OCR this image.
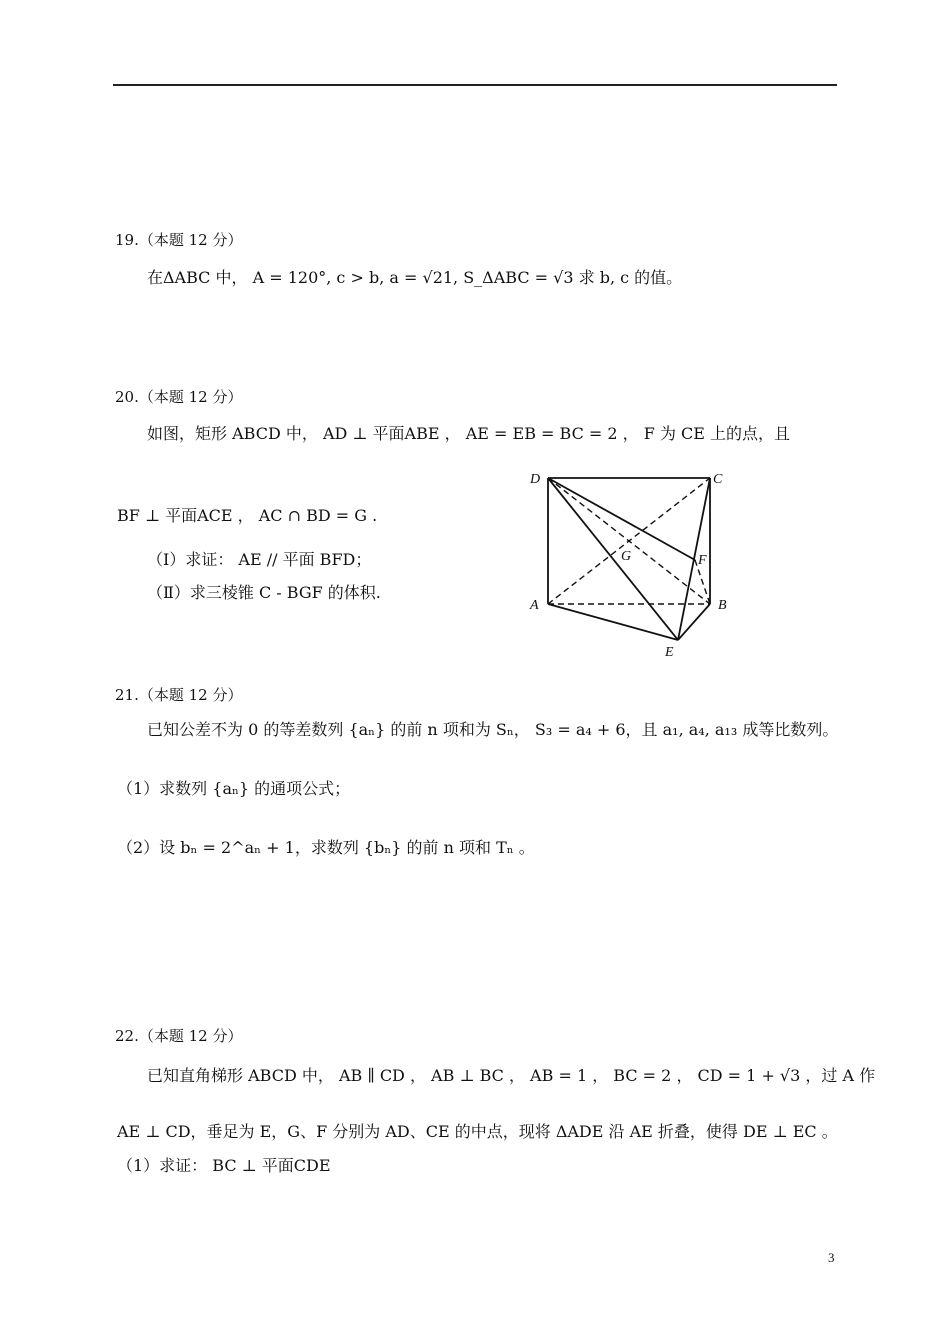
19.（本题 12 分）
在ΔABC 中， A = 120°, c > b, a = √21, S_ΔABC = √3 求 b, c 的值。
20.（本题 12 分）
如图，矩形 ABCD 中， AD ⊥ 平面ABE ， AE = EB = BC = 2 ， F 为 CE 上的点，且
BF ⊥ 平面ACE ， AC ∩ BD = G .
（Ⅰ）求证： AE // 平面 BFD；
（Ⅱ）求三棱锥 C - BGF 的体积.
D	C
G	F
A	B
E
21.（本题 12 分）
已知公差不为 0 的等差数列 {aₙ} 的前 n 项和为 Sₙ， S₃ = a₄ + 6，且 a₁, a₄, a₁₃ 成等比数列。
（1）求数列 {aₙ} 的通项公式；
（2）设 bₙ = 2^aₙ + 1，求数列 {bₙ} 的前 n 项和 Tₙ 。
22.（本题 12 分）
已知直角梯形 ABCD 中， AB ∥ CD ， AB ⊥ BC ， AB = 1 ， BC = 2 ， CD = 1 + √3 ，过 A 作
AE ⊥ CD，垂足为 E，G、F 分别为 AD、CE 的中点，现将 ΔADE 沿 AE 折叠，使得 DE ⊥ EC 。
（1）求证： BC ⊥ 平面CDE
3
